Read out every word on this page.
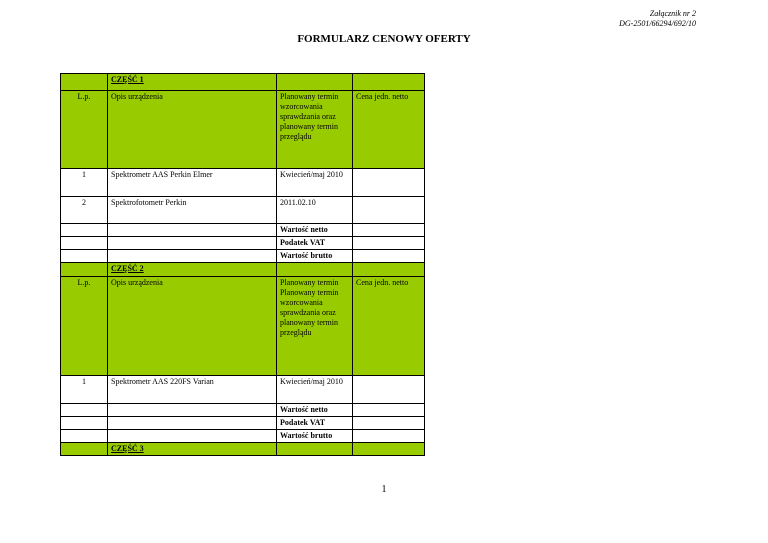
Załącznik nr 2
DG-2501/66294/692/10
FORMULARZ CENOWY OFERTY
	CZĘŚĆ 1		
L.p.	Opis urządzenia	Planowany termin wzorcowania sprawdzania oraz planowany termin przeglądu	Cena jedn. netto
1	Spektrometr AAS Perkin Elmer	Kwiecień/maj 2010	
2	Spektrofotometr Perkin	2011.02.10	
		Wartość netto	
		Podatek VAT	
		Wartość brutto	
	CZĘŚĆ 2		
L.p.	Opis urządzenia	Planowany termin Planowany termin wzorcowania sprawdzania oraz planowany termin przeglądu	Cena jedn. netto
1	Spektrometr AAS 220FS Varian	Kwiecień/maj 2010	
		Wartość netto	
		Podatek VAT	
		Wartość brutto	
	CZĘŚĆ 3		
1
